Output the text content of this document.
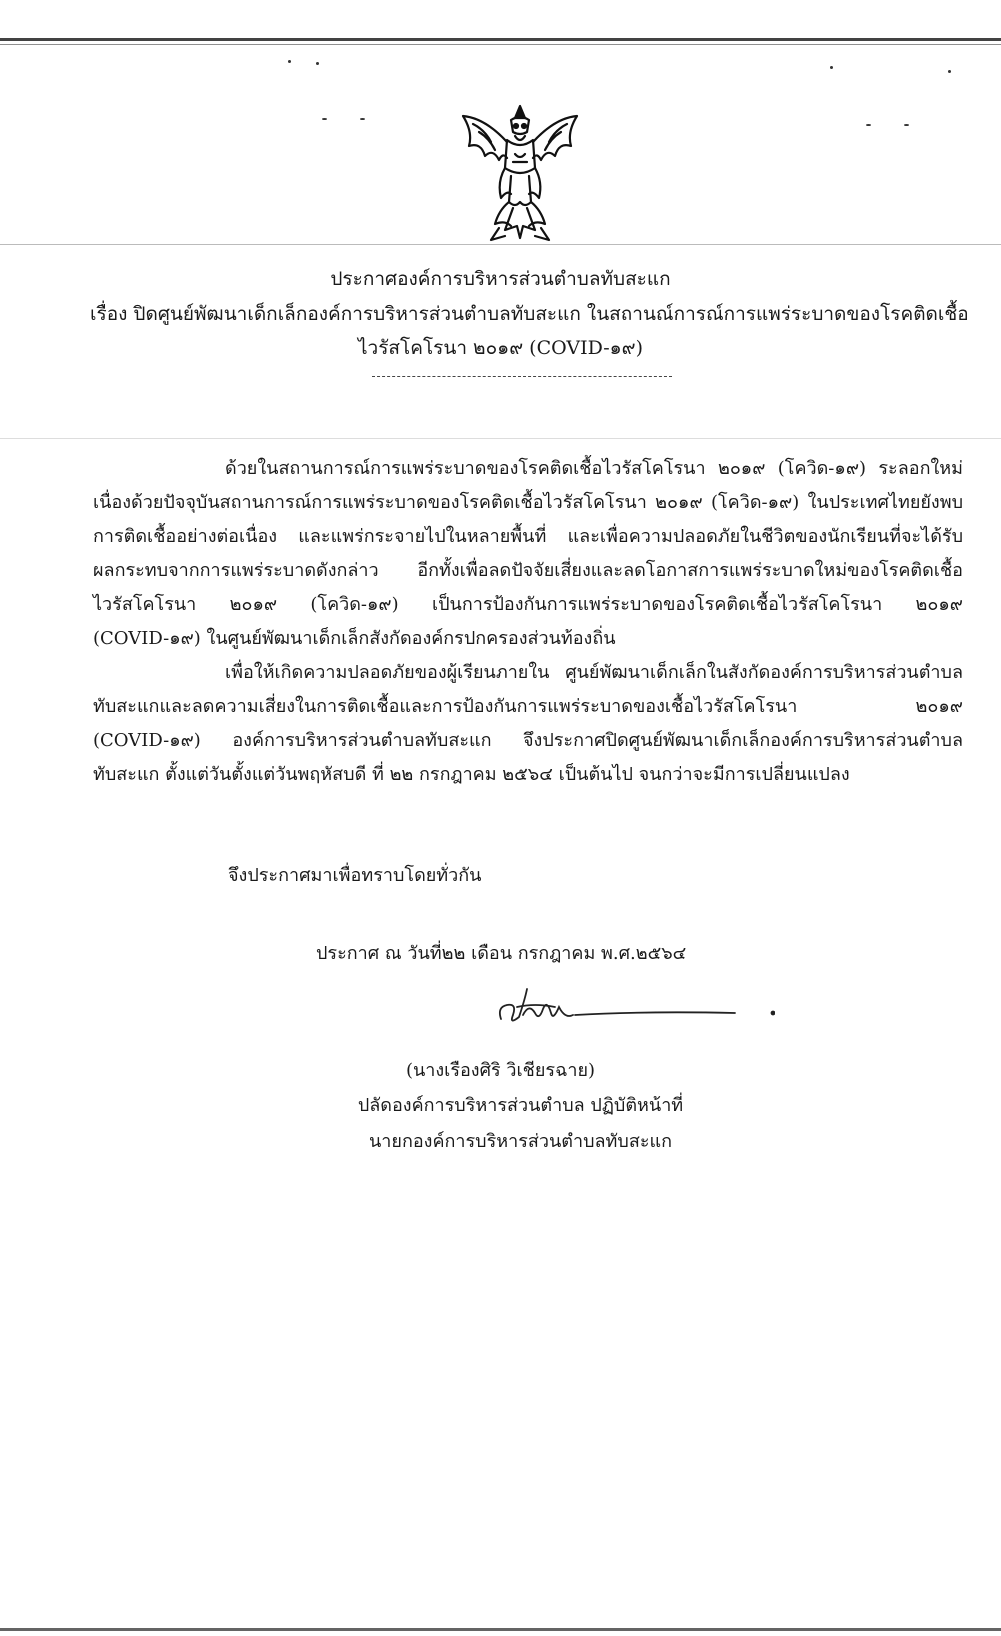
ประกาศองค์การบริหารส่วนตำบลทับสะแก
เรื่อง ปิดศูนย์พัฒนาเด็กเล็กองค์การบริหารส่วนตำบลทับสะแก ในสถานณ์การณ์การแพร่ระบาดของโรคติดเชื้อ
ไวรัสโคโรนา ๒๐๑๙ (COVID-๑๙)

ด้วยในสถานการณ์การแพร่ระบาดของโรคติดเชื้อไวรัสโคโรนา ๒๐๑๙ (โควิด-๑๙) ระลอกใหม่ เนื่องด้วยปัจจุบันสถานการณ์การแพร่ระบาดของโรคติดเชื้อไวรัสโคโรนา ๒๐๑๙ (โควิด-๑๙) ในประเทศไทยยังพบการติดเชื้ออย่างต่อเนื่อง และแพร่กระจายไปในหลายพื้นที่ และเพื่อความปลอดภัยในชีวิตของนักเรียนที่จะได้รับผลกระทบจากการแพร่ระบาดดังกล่าว อีกทั้งเพื่อลดปัจจัยเสี่ยงและลดโอกาสการแพร่ระบาดใหม่ของโรคติดเชื้อไวรัสโคโรนา ๒๐๑๙ (โควิด-๑๙) เป็นการป้องกันการแพร่ระบาดของโรคติดเชื้อไวรัสโคโรนา ๒๐๑๙ (COVID-๑๙) ในศูนย์พัฒนาเด็กเล็กสังกัดองค์กรปกครองส่วนท้องถิ่น

เพื่อให้เกิดความปลอดภัยของผู้เรียนภายใน ศูนย์พัฒนาเด็กเล็กในสังกัดองค์การบริหารส่วนตำบลทับสะแกและลดความเสี่ยงในการติดเชื้อและการป้องกันการแพร่ระบาดของเชื้อไวรัสโคโรนา ๒๐๑๙ (COVID-๑๙) องค์การบริหารส่วนตำบลทับสะแก จึงประกาศปิดศูนย์พัฒนาเด็กเล็กองค์การบริหารส่วนตำบลทับสะแก ตั้งแต่วันตั้งแต่วันพฤหัสบดี ที่ ๒๒ กรกฎาคม ๒๕๖๔ เป็นต้นไป จนกว่าจะมีการเปลี่ยนแปลง

จึงประกาศมาเพื่อทราบโดยทั่วกัน
ประกาศ ณ วันที่๒๒ เดือน กรกฎาคม พ.ศ.๒๕๖๔
(นางเรืองศิริ วิเชียรฉาย)
ปลัดองค์การบริหารส่วนตำบล ปฏิบัติหน้าที่
นายกองค์การบริหารส่วนตำบลทับสะแก
